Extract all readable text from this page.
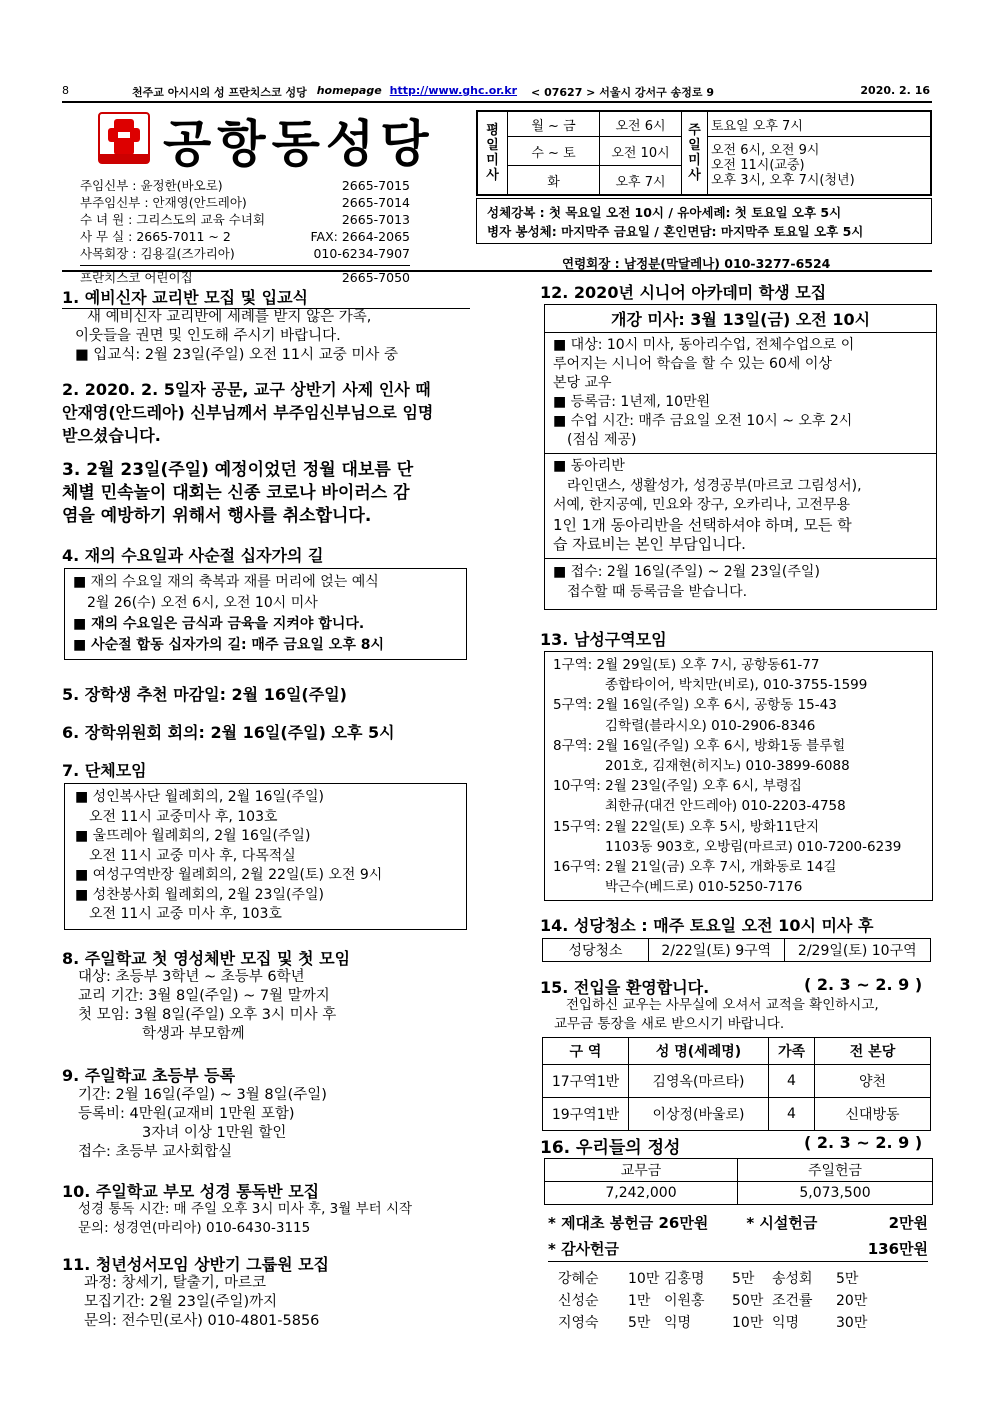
8	천주교 아시시의 성 프란치스코 성당 homepage http://www.ghc.or.kr < 07627 > 서울시 강서구 송정로 9	2020. 2. 16
공항동성당
주임신부 : 윤정한(바오로)	2665-7015
부주임신부 : 안재영(안드레아)	2665-7014
수 녀 원 : 그리스도의 교육 수녀회	2665-7013
사 무 실 : 2665-7011 ~ 2	FAX: 2664-2065
사목회장 : 김용길(즈가리아)	010-6234-7907
프란치스코 어린이집	2665-7050
평일미사	월 ~ 금	오전 6시	주일미사	토요일 오후 7시
	수 ~ 토	오전 10시		오전 6시, 오전 9시
오전 11시(교중)
오후 3시, 오후 7시(청년)

	화	오후 7시		
성체강복 : 첫 목요일 오전 10시 / 유아세례: 첫 토요일 오후 5시
병자 봉성체: 마지막주 금요일 / 혼인면담: 마지막주 토요일 오후 5시
연령회장 : 남정분(막달레나) 010-3277-6524
1. 예비신자 교리반 모집 및 입교식
새 예비신자 교리반에 세례를 받지 않은 가족,
이웃들을 권면 및 인도해 주시기 바랍니다.
■ 입교식: 2월 23일(주일) 오전 11시 교중 미사 중
2. 2020. 2. 5일자 공문, 교구 상반기 사제 인사 때
안재영(안드레아) 신부님께서 부주임신부님으로 임명
받으셨습니다.
3. 2월 23일(주일) 예정이었던 정월 대보름 단
체별 민속놀이 대회는 신종 코로나 바이러스 감
염을 예방하기 위해서 행사를 취소합니다.
4. 재의 수요일과 사순절 십자가의 길
■ 재의 수요일 재의 축복과 재를 머리에 얹는 예식
2월 26(수) 오전 6시, 오전 10시 미사
■ 재의 수요일은 금식과 금육을 지켜야 합니다.
■ 사순절 합동 십자가의 길: 매주 금요일 오후 8시
5. 장학생 추천 마감일: 2월 16일(주일)
6. 장학위원회 회의: 2월 16일(주일) 오후 5시
7. 단체모임
■ 성인복사단 월례회의, 2월 16일(주일)
오전 11시 교중미사 후, 103호
■ 울뜨레아 월례회의, 2월 16일(주일)
오전 11시 교중 미사 후, 다목적실
■ 여성구역반장 월례회의, 2월 22일(토) 오전 9시
■ 성찬봉사회 월례회의, 2월 23일(주일)
오전 11시 교중 미사 후, 103호
8. 주일학교 첫 영성체반 모집 및 첫 모임
대상: 초등부 3학년 ~ 초등부 6학년
교리 기간: 3월 8일(주일) ~ 7월 말까지
첫 모임: 3월 8일(주일) 오후 3시 미사 후
학생과 부모함께
9. 주일학교 초등부 등록
기간: 2월 16일(주일) ~ 3월 8일(주일)
등록비: 4만원(교재비 1만원 포함)
3자녀 이상 1만원 할인
접수: 초등부 교사회합실
10. 주일학교 부모 성경 통독반 모집
성경 통독 시간: 매 주일 오후 3시 미사 후, 3월 부터 시작
문의: 성경연(마리아) 010-6430-3115
11. 청년성서모임 상반기 그룹원 모집
과정: 창세기, 탈출기, 마르코
모집기간: 2월 23일(주일)까지
문의: 전수민(로사) 010-4801-5856
12. 2020년 시니어 아카데미 학생 모집
개강 미사: 3월 13일(금) 오전 10시
■ 대상: 10시 미사, 동아리수업, 전체수업으로 이
루어지는 시니어 학습을 할 수 있는 60세 이상
본당 교우
■ 등록금: 1년제, 10만원
■ 수업 시간: 매주 금요일 오전 10시 ~ 오후 2시
(점심 제공)
■ 동아리반
라인댄스, 생활성가, 성경공부(마르코 그림성서),
서예, 한지공예, 민요와 장구, 오카리나, 고전무용
1인 1개 동아리반을 선택하셔야 하며, 모든 학
습 자료비는 본인 부담입니다.
■ 접수: 2월 16일(주일) ~ 2월 23일(주일)
접수할 때 등록금을 받습니다.
13. 남성구역모임
1구역: 2월 29일(토) 오후 7시, 공항동61-77
종합타이어, 박치만(비로), 010-3755-1599
5구역: 2월 16일(주일) 오후 6시, 공항동 15-43
김학렬(블라시오) 010-2906-8346
8구역: 2월 16일(주일) 오후 6시, 방화1동 블루힐
201호, 김재현(히지노) 010-3899-6088
10구역: 2월 23일(주일) 오후 6시, 부령집
최한규(대건 안드레아) 010-2203-4758
15구역: 2월 22일(토) 오후 5시, 방화11단지
1103동 903호, 오방림(마르코) 010-7200-6239
16구역: 2월 21일(금) 오후 7시, 개화동로 14길
박근수(베드로) 010-5250-7176
14. 성당청소 : 매주 토요일 오전 10시 미사 후
성당청소	2/22일(토) 9구역	2/29일(토) 10구역
15. 전입을 환영합니다.	( 2. 3 ~ 2. 9 )
전입하신 교우는 사무실에 오셔서 교적을 확인하시고,
교무금 통장을 새로 받으시기 바랍니다.
구 역	성 명(세례명)	가족	전 본당
17구역1반	김영옥(마르타)	4	양천
19구역1반	이상정(바울로)	4	신대방동
16. 우리들의 정성	( 2. 3 ~ 2. 9 )
교무금	주일헌금
7,242,000	5,073,500
* 제대초 봉헌금 26만원	* 시설헌금	2만원
* 감사헌금	136만원
강혜순	10만 김홍명	5만	송성회	5만
신성순	1만 이원홍	50만 조건률	20만
지영숙	5만 익명	10만 익명	30만
